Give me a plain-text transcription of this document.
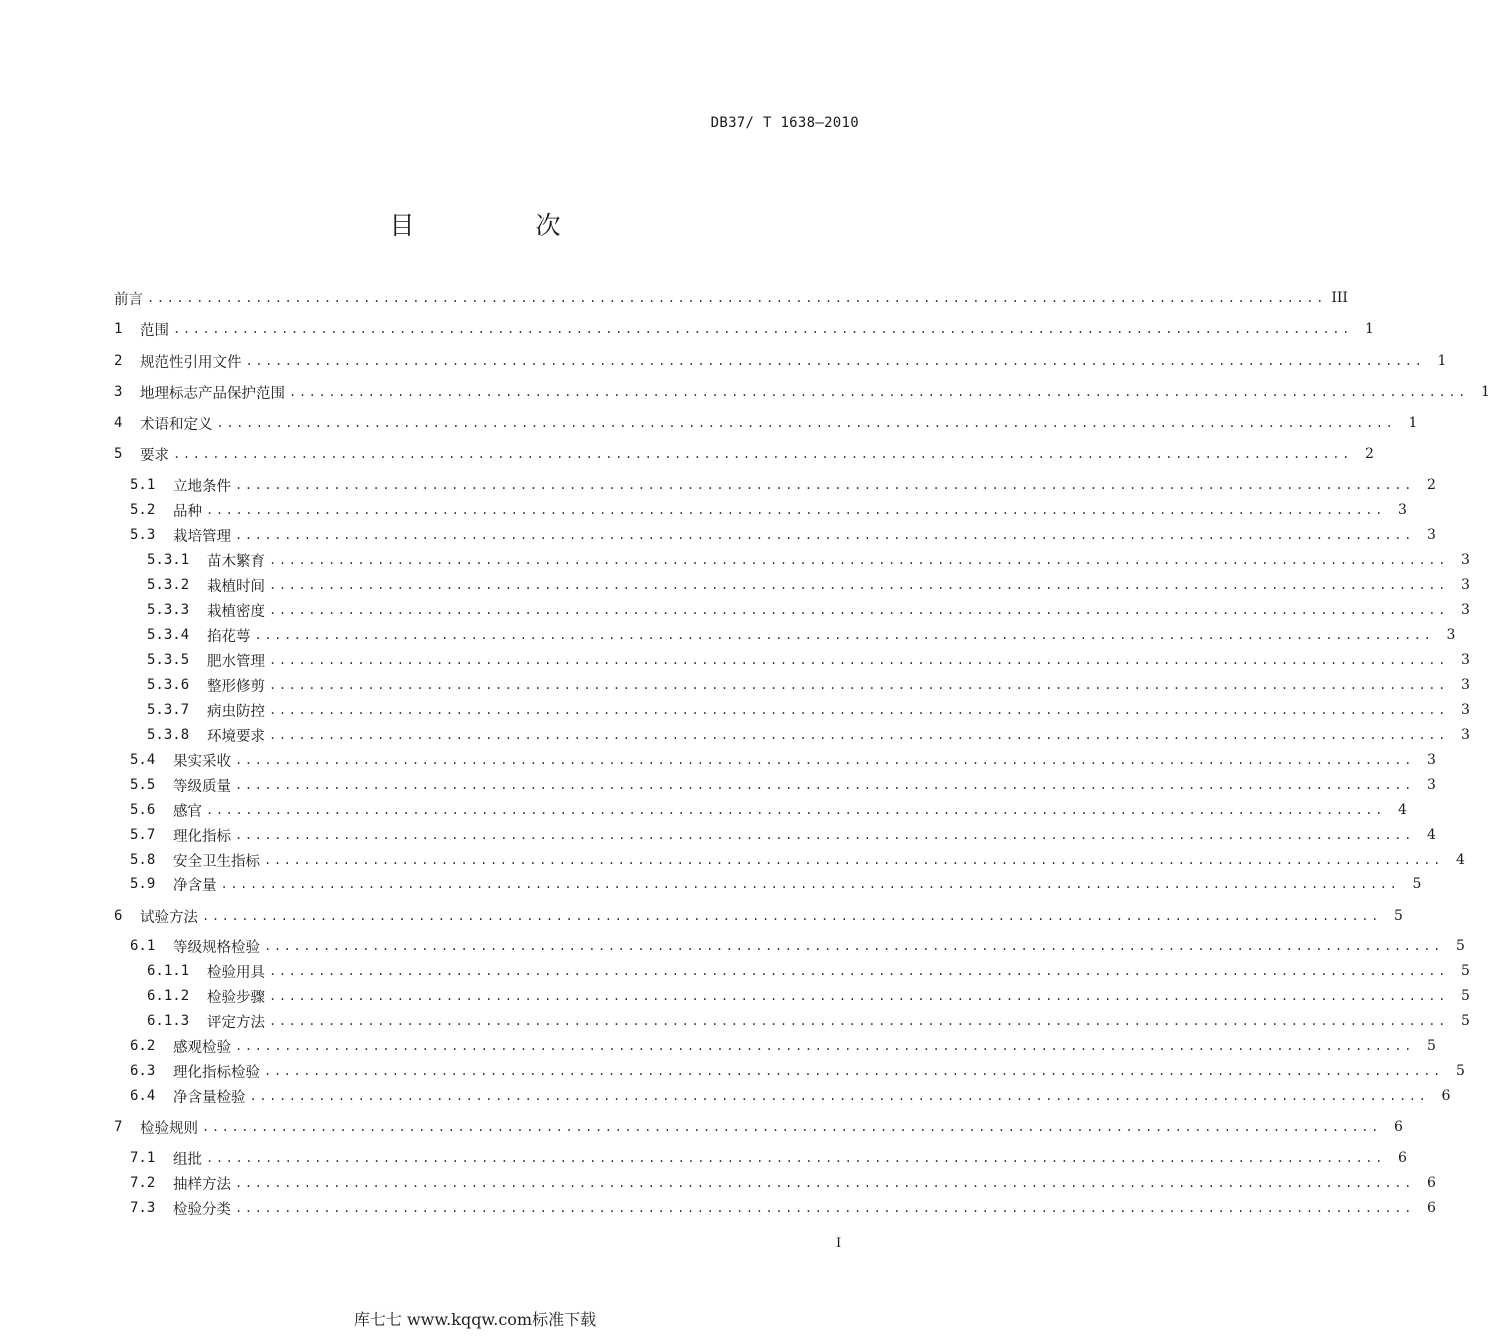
DB37/ T 1638—2010
目　次
前言 ........................................................................................................................ III
1	范围 ........................................................................................................................ 1
2	规范性引用文件 ........................................................................................................................ 1
3	地理标志产品保护范围 ........................................................................................................................ 1
4	术语和定义 ........................................................................................................................ 1
5	要求 ........................................................................................................................ 2
5.1	立地条件 ........................................................................................................................ 2
5.2	品种 ........................................................................................................................ 3
5.3	栽培管理 ........................................................................................................................ 3
5.3.1	苗木繁育 ........................................................................................................................ 3
5.3.2	栽植时间 ........................................................................................................................ 3
5.3.3	栽植密度 ........................................................................................................................ 3
5.3.4	掐花萼 ........................................................................................................................ 3
5.3.5	肥水管理 ........................................................................................................................ 3
5.3.6	整形修剪 ........................................................................................................................ 3
5.3.7	病虫防控 ........................................................................................................................ 3
5.3.8	环境要求 ........................................................................................................................ 3
5.4	果实采收 ........................................................................................................................ 3
5.5	等级质量 ........................................................................................................................ 3
5.6	感官 ........................................................................................................................ 4
5.7	理化指标 ........................................................................................................................ 4
5.8	安全卫生指标 ........................................................................................................................ 4
5.9	净含量 ........................................................................................................................ 5
6	试验方法 ........................................................................................................................ 5
6.1	等级规格检验 ........................................................................................................................ 5
6.1.1	检验用具 ........................................................................................................................ 5
6.1.2	检验步骤 ........................................................................................................................ 5
6.1.3	评定方法 ........................................................................................................................ 5
6.2	感观检验 ........................................................................................................................ 5
6.3	理化指标检验 ........................................................................................................................ 5
6.4	净含量检验 ........................................................................................................................ 6
7	检验规则 ........................................................................................................................ 6
7.1	组批 ........................................................................................................................ 6
7.2	抽样方法 ........................................................................................................................ 6
7.3	检验分类 ........................................................................................................................ 6
I
库七七 www.kqqw.com标准下载
